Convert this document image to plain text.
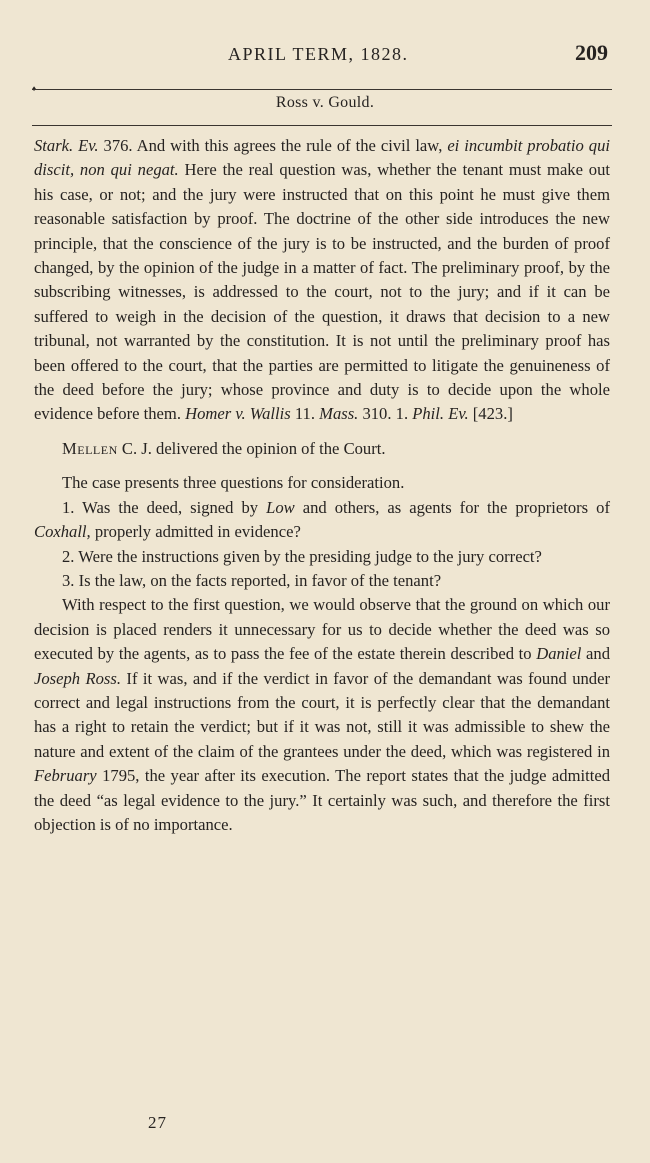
APRIL TERM, 1828.	209
♦
Ross v. Gould.

Stark. Ev. 376. And with this agrees the rule of the civil law, ei incumbit probatio qui discit, non qui negat. Here the real question was, whether the tenant must make out his case, or not; and the jury were instructed that on this point he must give them reasonable satisfaction by proof. The doctrine of the other side introduces the new principle, that the conscience of the jury is to be instructed, and the burden of proof changed, by the opinion of the judge in a matter of fact. The preliminary proof, by the subscribing witnesses, is addressed to the court, not to the jury; and if it can be suffered to weigh in the decision of the question, it draws that decision to a new tribunal, not warranted by the constitution. It is not until the preliminary proof has been offered to the court, that the parties are permitted to litigate the genuineness of the deed before the jury; whose province and duty is to decide upon the whole evidence before them. Homer v. Wallis 11. Mass. 310. 1. Phil. Ev. [423.]

Mellen C. J. delivered the opinion of the Court.

The case presents three questions for consideration.

1. Was the deed, signed by Low and others, as agents for the proprietors of Coxhall, properly admitted in evidence?

2. Were the instructions given by the presiding judge to the jury correct?

3. Is the law, on the facts reported, in favor of the tenant?

With respect to the first question, we would observe that the ground on which our decision is placed renders it unnecessary for us to decide whether the deed was so executed by the agents, as to pass the fee of the estate therein described to Daniel and Joseph Ross. If it was, and if the verdict in favor of the demandant was found under correct and legal instructions from the court, it is perfectly clear that the demandant has a right to retain the verdict; but if it was not, still it was admissible to shew the nature and extent of the claim of the grantees under the deed, which was registered in February 1795, the year after its execution. The report states that the judge admitted the deed “as legal evidence to the jury.” It certainly was such, and therefore the first objection is of no importance.

27
